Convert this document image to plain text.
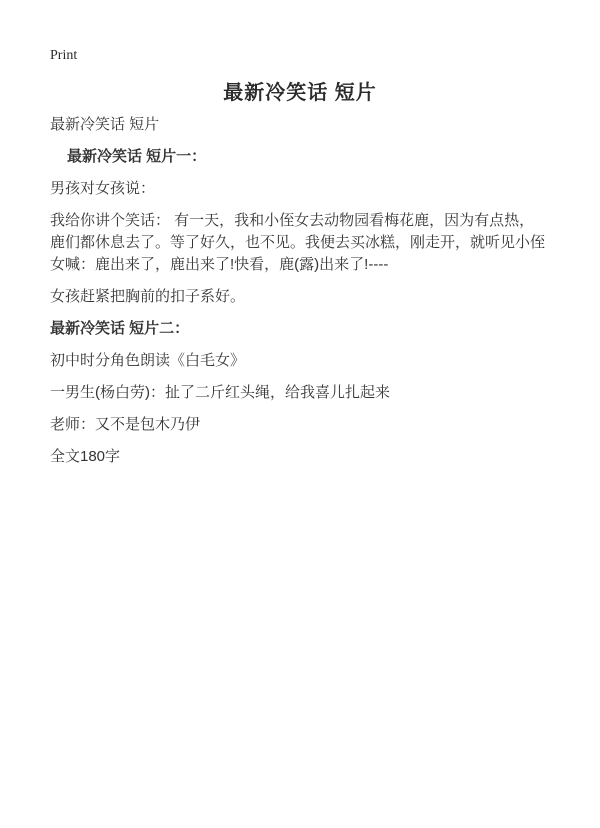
Print
最新冷笑话 短片

最新冷笑话 短片

最新冷笑话 短片一：

男孩对女孩说：

我给你讲个笑话： 有一天，我和小侄女去动物园看梅花鹿，因为有点热，鹿们都休息去了。等了好久，也不见。我便去买冰糕，刚走开，就听见小侄女喊：鹿出来了，鹿出来了!快看，鹿(露)出来了!----

女孩赶紧把胸前的扣子系好。

最新冷笑话 短片二：

初中时分角色朗读《白毛女》

一男生(杨白劳)：扯了二斤红头绳，给我喜儿扎起来

老师：又不是包木乃伊

全文180字
